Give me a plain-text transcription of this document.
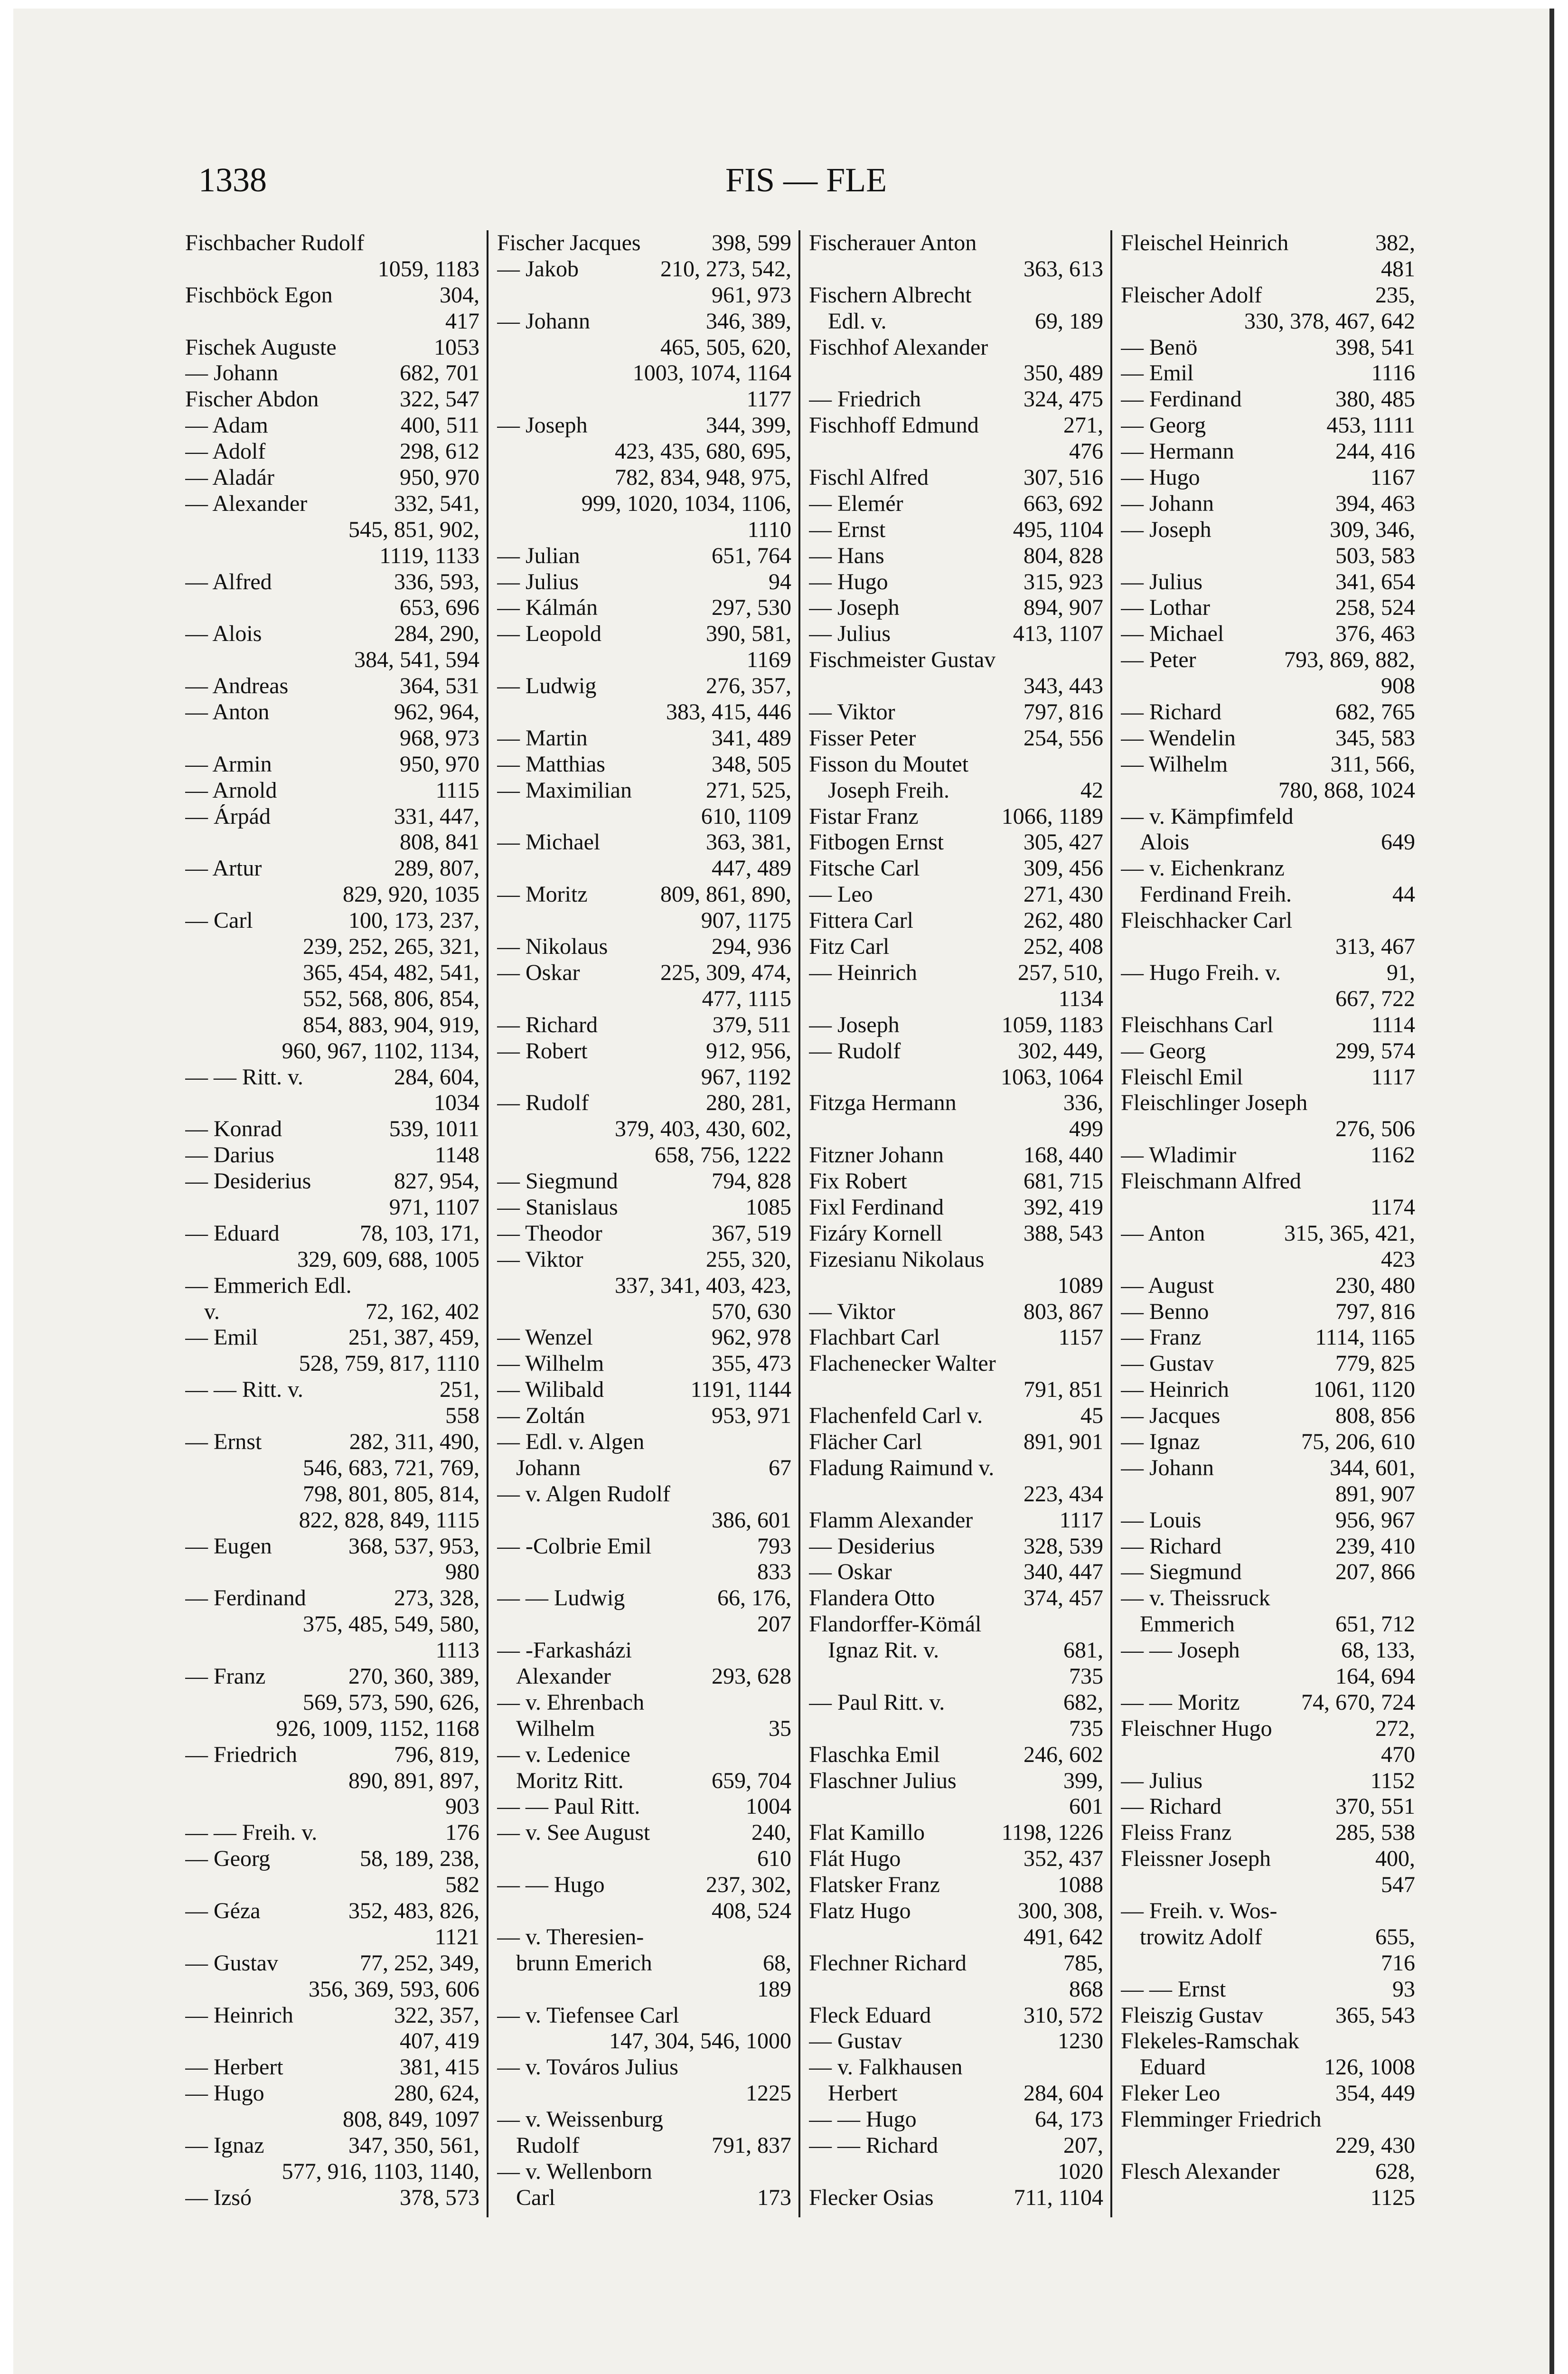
1338	FIS — FLE
Fischbacher Rudolf
1059, 1183
Fischböck Egon	304,
417
Fischek Auguste	1053
— Johann	682, 701
Fischer Abdon	322, 547
— Adam	400, 511
— Adolf	298, 612
— Aladár	950, 970
— Alexander	332, 541,
545, 851, 902,
1119, 1133
— Alfred	336, 593,
653, 696
— Alois	284, 290,
384, 541, 594
— Andreas	364, 531
— Anton	962, 964,
968, 973
— Armin	950, 970
— Arnold	1115
— Árpád	331, 447,
808, 841
— Artur	289, 807,
829, 920, 1035
— Carl	100, 173, 237,
239, 252, 265, 321,
365, 454, 482, 541,
552, 568, 806, 854,
854, 883, 904, 919,
960, 967, 1102, 1134,
— — Ritt. v.	284, 604,
1034
— Konrad	539, 1011
— Darius	1148
— Desiderius	827, 954,
971, 1107
— Eduard	78, 103, 171,
329, 609, 688, 1005
— Emmerich Edl.
v.	72, 162, 402
— Emil	251, 387, 459,
528, 759, 817, 1110
— — Ritt. v.	251,
558
— Ernst	282, 311, 490,
546, 683, 721, 769,
798, 801, 805, 814,
822, 828, 849, 1115
— Eugen	368, 537, 953,
980
— Ferdinand	273, 328,
375, 485, 549, 580,
1113
— Franz	270, 360, 389,
569, 573, 590, 626,
926, 1009, 1152, 1168
— Friedrich	796, 819,
890, 891, 897,
903
— — Freih. v.	176
— Georg	58, 189, 238,
582
— Géza	352, 483, 826,
1121
— Gustav	77, 252, 349,
356, 369, 593, 606
— Heinrich	322, 357,
407, 419
— Herbert	381, 415
— Hugo	280, 624,
808, 849, 1097
— Ignaz	347, 350, 561,
577, 916, 1103, 1140,
— Izsó	378, 573
Fischer Jacques	398, 599
— Jakob	210, 273, 542,
961, 973
— Johann	346, 389,
465, 505, 620,
1003, 1074, 1164
1177
— Joseph	344, 399,
423, 435, 680, 695,
782, 834, 948, 975,
999, 1020, 1034, 1106,
1110
— Julian	651, 764
— Julius	94
— Kálmán	297, 530
— Leopold	390, 581,
1169
— Ludwig	276, 357,
383, 415, 446
— Martin	341, 489
— Matthias	348, 505
— Maximilian	271, 525,
610, 1109
— Michael	363, 381,
447, 489
— Moritz	809, 861, 890,
907, 1175
— Nikolaus	294, 936
— Oskar	225, 309, 474,
477, 1115
— Richard	379, 511
— Robert	912, 956,
967, 1192
— Rudolf	280, 281,
379, 403, 430, 602,
658, 756, 1222
— Siegmund	794, 828
— Stanislaus	1085
— Theodor	367, 519
— Viktor	255, 320,
337, 341, 403, 423,
570, 630
— Wenzel	962, 978
— Wilhelm	355, 473
— Wilibald	1191, 1144
— Zoltán	953, 971
— Edl. v. Algen
Johann	67
— v. Algen Rudolf
386, 601
— -Colbrie Emil	793
833
— — Ludwig	66, 176,
207
— -Farkasházi
Alexander	293, 628
— v. Ehrenbach
Wilhelm	35
— v. Ledenice
Moritz Ritt.	659, 704
— — Paul Ritt.	1004
— v. See August	240,
610
— — Hugo	237, 302,
408, 524
— v. Theresien-
brunn Emerich	68,
189
— v. Tiefensee Carl
147, 304, 546, 1000
— v. Továros Julius
1225
— v. Weissenburg
Rudolf	791, 837
— v. Wellenborn
Carl	173
Fischerauer Anton
363, 613
Fischern Albrecht
Edl. v.	69, 189
Fischhof Alexander
350, 489
— Friedrich	324, 475
Fischhoff Edmund	271,
476
Fischl Alfred	307, 516
— Elemér	663, 692
— Ernst	495, 1104
— Hans	804, 828
— Hugo	315, 923
— Joseph	894, 907
— Julius	413, 1107
Fischmeister Gustav
343, 443
— Viktor	797, 816
Fisser Peter	254, 556
Fisson du Moutet
Joseph Freih.	42
Fistar Franz	1066, 1189
Fitbogen Ernst	305, 427
Fitsche Carl	309, 456
— Leo	271, 430
Fittera Carl	262, 480
Fitz Carl	252, 408
— Heinrich	257, 510,
1134
— Joseph	1059, 1183
— Rudolf	302, 449,
1063, 1064
Fitzga Hermann	336,
499
Fitzner Johann	168, 440
Fix Robert	681, 715
Fixl Ferdinand	392, 419
Fizáry Kornell	388, 543
Fizesianu Nikolaus
1089
— Viktor	803, 867
Flachbart Carl	1157
Flachenecker Walter
791, 851
Flachenfeld Carl v.	45
Flächer Carl	891, 901
Fladung Raimund v.
223, 434
Flamm Alexander	1117
— Desiderius	328, 539
— Oskar	340, 447
Flandera Otto	374, 457
Flandorffer-Kömál
Ignaz Rit. v.	681,
735
— Paul Ritt. v.	682,
735
Flaschka Emil	246, 602
Flaschner Julius	399,
601
Flat Kamillo	1198, 1226
Flát Hugo	352, 437
Flatsker Franz	1088
Flatz Hugo	300, 308,
491, 642
Flechner Richard	785,
868
Fleck Eduard	310, 572
— Gustav	1230
— v. Falkhausen
Herbert	284, 604
— — Hugo	64, 173
— — Richard	207,
1020
Flecker Osias	711, 1104
Fleischel Heinrich	382,
481
Fleischer Adolf	235,
330, 378, 467, 642
— Benö	398, 541
— Emil	1116
— Ferdinand	380, 485
— Georg	453, 1111
— Hermann	244, 416
— Hugo	1167
— Johann	394, 463
— Joseph	309, 346,
503, 583
— Julius	341, 654
— Lothar	258, 524
— Michael	376, 463
— Peter	793, 869, 882,
908
— Richard	682, 765
— Wendelin	345, 583
— Wilhelm	311, 566,
780, 868, 1024
— v. Kämpfimfeld
Alois	649
— v. Eichenkranz
Ferdinand Freih.	44
Fleischhacker Carl
313, 467
— Hugo Freih. v.	91,
667, 722
Fleischhans Carl	1114
— Georg	299, 574
Fleischl Emil	1117
Fleischlinger Joseph
276, 506
— Wladimir	1162
Fleischmann Alfred
1174
— Anton	315, 365, 421,
423
— August	230, 480
— Benno	797, 816
— Franz	1114, 1165
— Gustav	779, 825
— Heinrich	1061, 1120
— Jacques	808, 856
— Ignaz	75, 206, 610
— Johann	344, 601,
891, 907
— Louis	956, 967
— Richard	239, 410
— Siegmund	207, 866
— v. Theissruck
Emmerich	651, 712
— — Joseph	68, 133,
164, 694
— — Moritz	74, 670, 724
Fleischner Hugo	272,
470
— Julius	1152
— Richard	370, 551
Fleiss Franz	285, 538
Fleissner Joseph	400,
547
— Freih. v. Wos-
trowitz Adolf	655,
716
— — Ernst	93
Fleiszig Gustav	365, 543
Flekeles-Ramschak
Eduard	126, 1008
Fleker Leo	354, 449
Flemminger Friedrich
229, 430
Flesch Alexander	628,
1125
